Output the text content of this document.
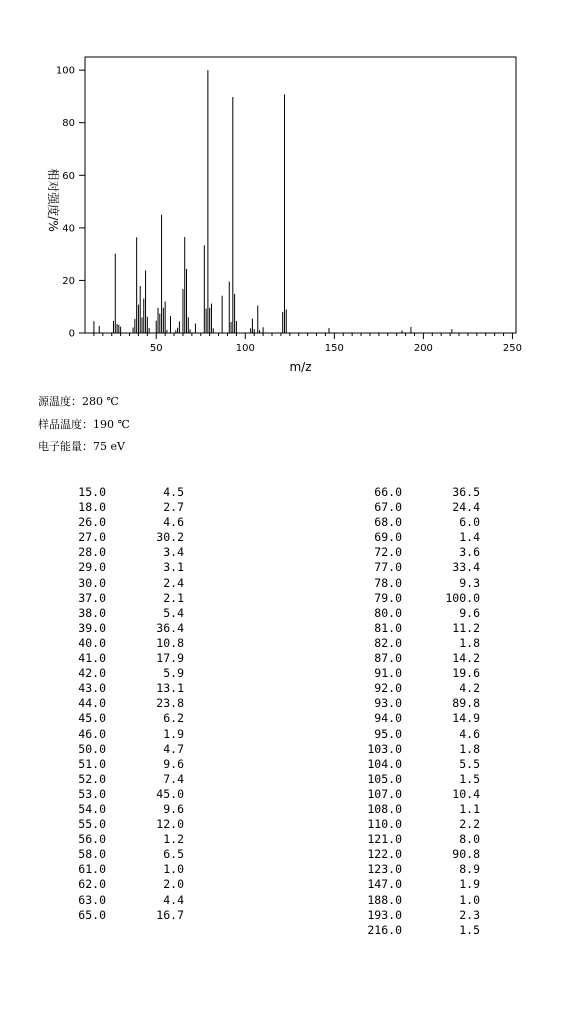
0
20
40
60
80
100
50	100	150	200	250
m/z
相对强度/%
源温度：280 ℃
样品温度：190 ℃
电子能量：75 eV
15.0	4.5
18.0	2.7
26.0	4.6
27.0	30.2
28.0	3.4
29.0	3.1
30.0	2.4
37.0	2.1
38.0	5.4
39.0	36.4
40.0	10.8
41.0	17.9
42.0	5.9
43.0	13.1
44.0	23.8
45.0	6.2
46.0	1.9
50.0	4.7
51.0	9.6
52.0	7.4
53.0	45.0
54.0	9.6
55.0	12.0
56.0	1.2
58.0	6.5
61.0	1.0
62.0	2.0
63.0	4.4
65.0	16.7
66.0	36.5
67.0	24.4
68.0	6.0
69.0	1.4
72.0	3.6
77.0	33.4
78.0	9.3
79.0	100.0
80.0	9.6
81.0	11.2
82.0	1.8
87.0	14.2
91.0	19.6
92.0	4.2
93.0	89.8
94.0	14.9
95.0	4.6
103.0	1.8
104.0	5.5
105.0	1.5
107.0	10.4
108.0	1.1
110.0	2.2
121.0	8.0
122.0	90.8
123.0	8.9
147.0	1.9
188.0	1.0
193.0	2.3
216.0	1.5
